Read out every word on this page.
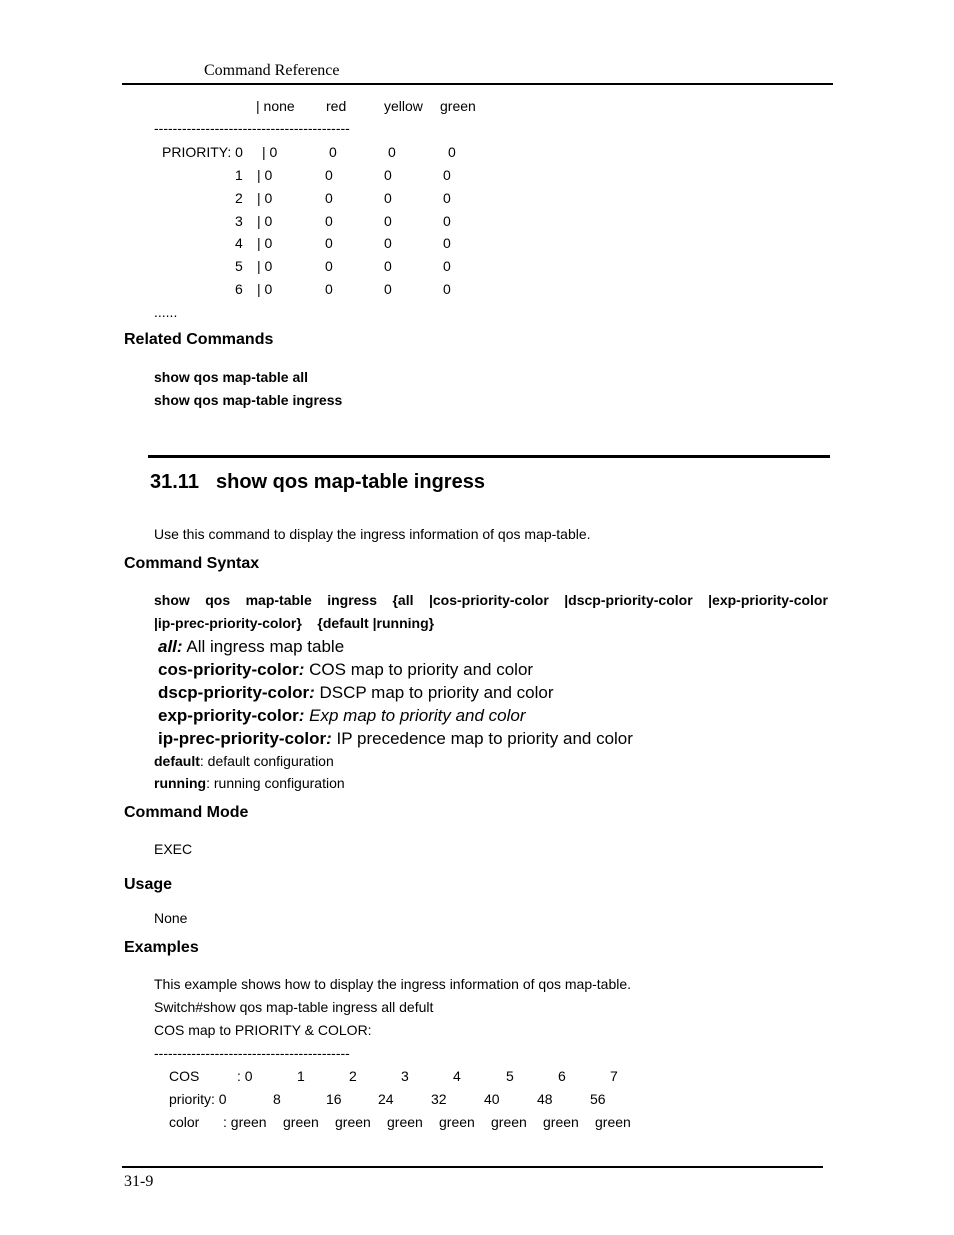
Command Reference
| none red	yellow green
------------------------------------------
PRIORITY: 0 | 0	0	0	0
1 | 0	0	0	0
2 | 0	0	0	0
3 | 0	0	0	0
4 | 0	0	0	0
5 | 0	0	0	0
6 | 0	0	0	0
......
Related Commands
show qos map-table all
show qos map-table ingress
31.11 show qos map-table ingress
Use this command to display the ingress information of qos map-table.
Command Syntax
show qos map-table ingress {all |cos-priority-color |dscp-priority-color |exp-priority-color
|ip-prec-priority-color}    {default |running}
all: All ingress map table
cos-priority-color: COS map to priority and color
dscp-priority-color: DSCP map to priority and color
exp-priority-color: Exp map to priority and color
ip-prec-priority-color: IP precedence map to priority and color
default: default configuration
running: running configuration
Command Mode
EXEC
Usage
None
Examples
This example shows how to display the ingress information of qos map-table.
Switch#show qos map-table ingress all defult
COS map to PRIORITY & COLOR:
------------------------------------------
COS	: 0	1	2	3	4	5	6	7
priority: 0	8	16	24	32	40	48	56
color : green green green green green green green green
31-9
